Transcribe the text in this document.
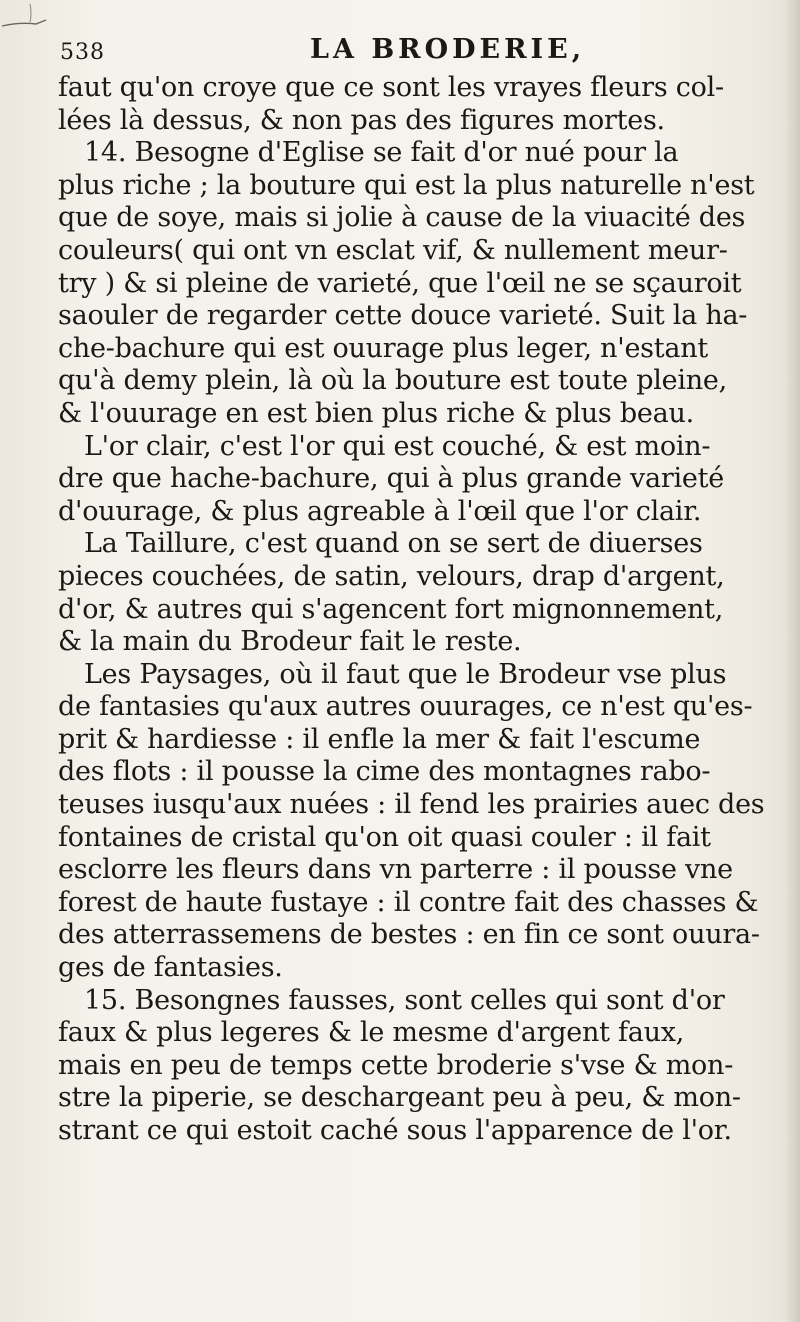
538	LA BRODERIE,
faut qu'on croye que ce sont les vrayes fleurs col-
lées là dessus, & non pas des figures mortes.
14. Besogne d'Eglise se fait d'or nué pour la
plus riche ; la bouture qui est la plus naturelle n'est
que de soye, mais si jolie à cause de la viuacité des
couleurs( qui ont vn esclat vif, & nullement meur-
try ) & si pleine de varieté, que l'œil ne se sçauroit
saouler de regarder cette douce varieté. Suit la ha-
che-bachure qui est ouurage plus leger, n'estant
qu'à demy plein, là où la bouture est toute pleine,
& l'ouurage en est bien plus riche & plus beau.
L'or clair, c'est l'or qui est couché, & est moin-
dre que hache-bachure, qui à plus grande varieté
d'ouurage, & plus agreable à l'œil que l'or clair.
La Taillure, c'est quand on se sert de diuerses
pieces couchées, de satin, velours, drap d'argent,
d'or, & autres qui s'agencent fort mignonnement,
& la main du Brodeur fait le reste.
Les Paysages, où il faut que le Brodeur vse plus
de fantasies qu'aux autres ouurages, ce n'est qu'es-
prit & hardiesse : il enfle la mer & fait l'escume
des flots : il pousse la cime des montagnes rabo-
teuses iusqu'aux nuées : il fend les prairies auec des
fontaines de cristal qu'on oit quasi couler : il fait
esclorre les fleurs dans vn parterre : il pousse vne
forest de haute fustaye : il contre fait des chasses &
des atterrassemens de bestes : en fin ce sont ouura-
ges de fantasies.
15. Besongnes fausses, sont celles qui sont d'or
faux & plus legeres & le mesme d'argent faux,
mais en peu de temps cette broderie s'vse & mon-
stre la piperie, se deschargeant peu à peu, & mon-
strant ce qui estoit caché sous l'apparence de l'or.
